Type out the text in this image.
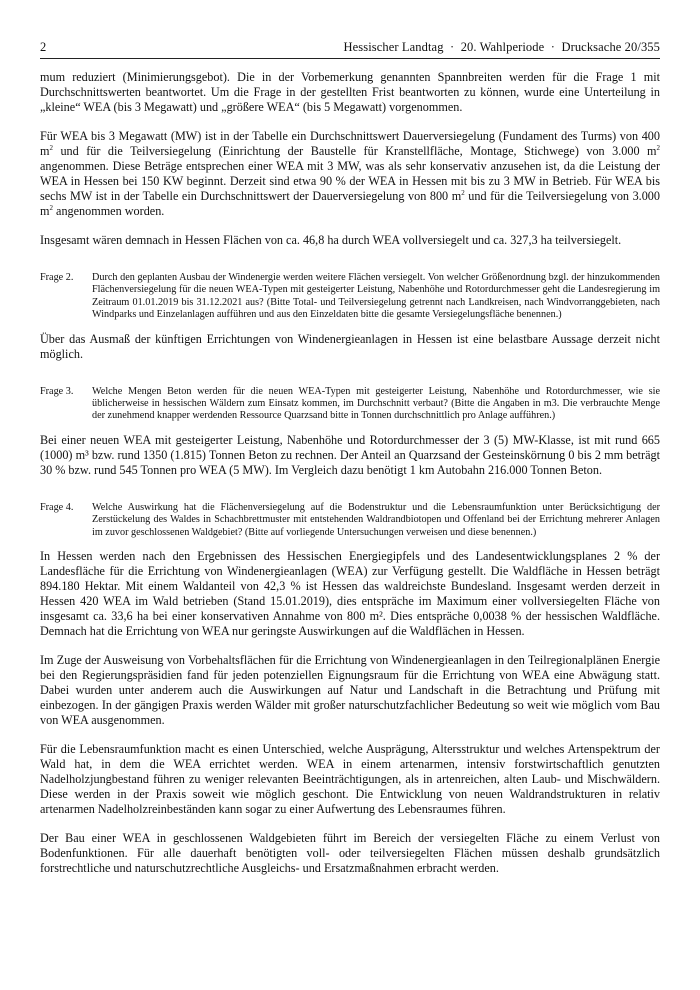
2	Hessischer Landtag  ·  20. Wahlperiode  ·  Drucksache 20/355

mum reduziert (Minimierungsgebot). Die in der Vorbemerkung genannten Spannbreiten werden für die Frage 1 mit Durchschnittswerten beantwortet. Um die Frage in der gestellten Frist beantworten zu können, wurde eine Unterteilung in „kleine“ WEA (bis 3 Megawatt) und „größere WEA“ (bis 5 Megawatt) vorgenommen.

Für WEA bis 3 Megawatt (MW) ist in der Tabelle ein Durchschnittswert Dauerversiegelung (Fundament des Turms) von 400 $m^2$ und für die Teilversiegelung (Einrichtung der Baustelle für Kranstellfläche, Montage, Stichwege) von 3.000 $m^2$ angenommen. Diese Beträge entsprechen einer WEA mit 3 MW, was als sehr konservativ anzusehen ist, da die Leistung der WEA in Hessen bei 150 KW beginnt. Derzeit sind etwa 90 % der WEA in Hessen mit bis zu 3 MW in Betrieb. Für WEA bis sechs MW ist in der Tabelle ein Durchschnittswert der Dauerversiegelung von 800 $m^2$ und für die Teilversiegelung von 3.000 $m^2$ angenommen worden.

Insgesamt wären demnach in Hessen Flächen von ca. 46,8 ha durch WEA vollversiegelt und ca. 327,3 ha teilversiegelt.

Frage 2.	Durch den geplanten Ausbau der Windenergie werden weitere Flächen versiegelt. Von welcher Größenordnung bzgl. der hinzukommenden Flächenversiegelung für die neuen WEA-Typen mit gesteigerter Leistung, Nabenhöhe und Rotordurchmesser geht die Landesregierung im Zeitraum 01.01.2019 bis 31.12.2021 aus? (Bitte Total- und Teilversiegelung getrennt nach Landkreisen, nach Windvorranggebieten, nach Windparks und Einzelanlagen aufführen und aus den Einzeldaten bitte die gesamte Versiegelungsfläche benennen.)

Über das Ausmaß der künftigen Errichtungen von Windenergieanlagen in Hessen ist eine belastbare Aussage derzeit nicht möglich.

Frage 3.	Welche Mengen Beton werden für die neuen WEA-Typen mit gesteigerter Leistung, Nabenhöhe und Rotordurchmesser, wie sie üblicherweise in hessischen Wäldern zum Einsatz kommen, im Durchschnitt verbaut? (Bitte die Angaben in m3. Die verbrauchte Menge der zunehmend knapper werdenden Ressource Quarzsand bitte in Tonnen durchschnittlich pro Anlage aufführen.)

Bei einer neuen WEA mit gesteigerter Leistung, Nabenhöhe und Rotordurchmesser der 3 (5) MW-Klasse, ist mit rund 665 (1000) m³ bzw. rund 1350 (1.815) Tonnen Beton zu rechnen. Der Anteil an Quarzsand der Gesteinskörnung 0 bis 2 mm beträgt 30 % bzw. rund 545 Tonnen pro WEA (5 MW). Im Vergleich dazu benötigt 1 km Autobahn 216.000 Tonnen Beton.

Frage 4.	Welche Auswirkung hat die Flächenversiegelung auf die Bodenstruktur und die Lebensraumfunktion unter Berücksichtigung der Zerstückelung des Waldes in Schachbrettmuster mit entstehenden Waldrandbiotopen und Offenland bei der Errichtung mehrerer Anlagen im zuvor geschlossenen Waldgebiet? (Bitte auf vorliegende Untersuchungen verweisen und diese benennen.)

In Hessen werden nach den Ergebnissen des Hessischen Energiegipfels und des Landesentwicklungsplanes 2 % der Landesfläche für die Errichtung von Windenergieanlagen (WEA) zur Verfügung gestellt. Die Waldfläche in Hessen beträgt 894.180 Hektar. Mit einem Waldanteil von 42,3 % ist Hessen das waldreichste Bundesland. Insgesamt werden derzeit in Hessen 420 WEA im Wald betrieben (Stand 15.01.2019), dies entspräche im Maximum einer vollversiegelten Fläche von insgesamt ca. 33,6 ha bei einer konservativen Annahme von 800 m². Dies entspräche 0,0038 % der hessischen Waldfläche. Demnach hat die Errichtung von WEA nur geringste Auswirkungen auf die Waldflächen in Hessen.

Im Zuge der Ausweisung von Vorbehaltsflächen für die Errichtung von Windenergieanlagen in den Teilregionalplänen Energie bei den Regierungspräsidien fand für jeden potenziellen Eignungsraum für die Errichtung von WEA eine Abwägung statt. Dabei wurden unter anderem auch die Auswirkungen auf Natur und Landschaft in die Betrachtung und Prüfung mit einbezogen. In der gängigen Praxis werden Wälder mit großer naturschutzfachlicher Bedeutung so weit wie möglich vom Bau von WEA ausgenommen.

Für die Lebensraumfunktion macht es einen Unterschied, welche Ausprägung, Altersstruktur und welches Artenspektrum der Wald hat, in dem die WEA errichtet werden. WEA in einem artenarmen, intensiv forstwirtschaftlich genutzten Nadelholzjungbestand führen zu weniger relevanten Beeinträchtigungen, als in artenreichen, alten Laub- und Mischwäldern. Diese werden in der Praxis soweit wie möglich geschont. Die Entwicklung von neuen Waldrandstrukturen in relativ artenarmen Nadelholzreinbeständen kann sogar zu einer Aufwertung des Lebensraumes führen.

Der Bau einer WEA in geschlossenen Waldgebieten führt im Bereich der versiegelten Fläche zu einem Verlust von Bodenfunktionen. Für alle dauerhaft benötigten voll- oder teilversiegelten Flächen müssen deshalb grundsätzlich forstrechtliche und naturschutzrechtliche Ausgleichs- und Ersatzmaßnahmen erbracht werden.
